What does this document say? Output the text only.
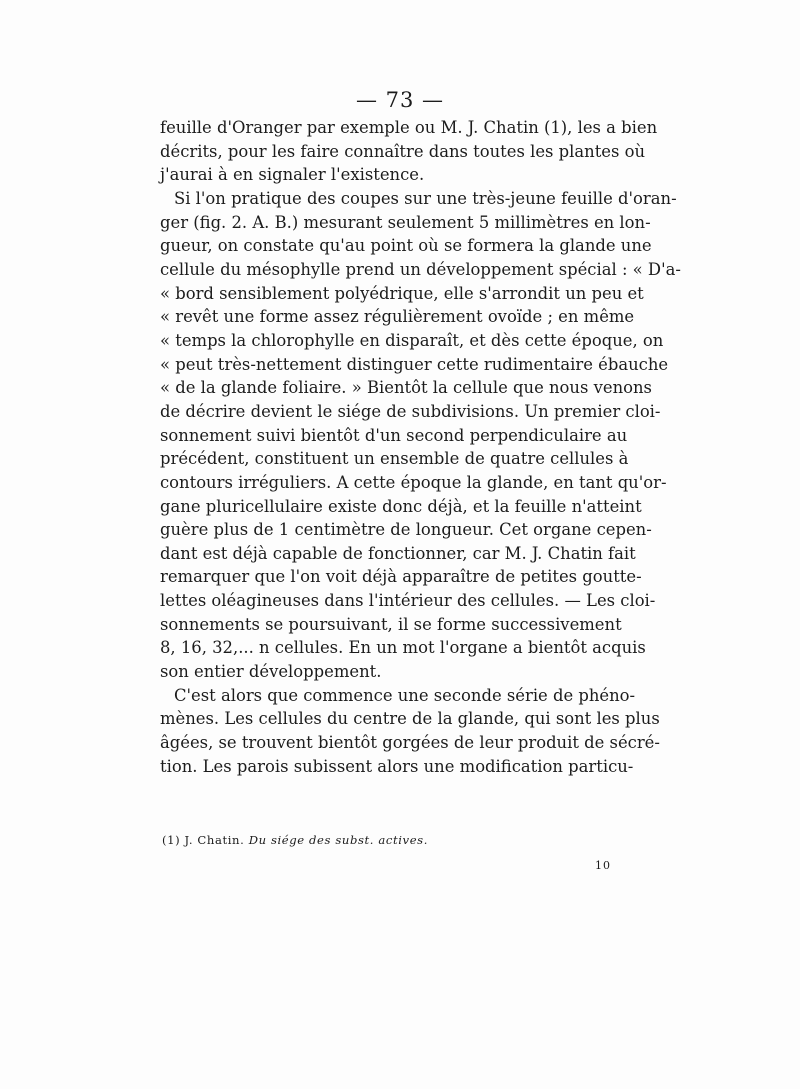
— 73 —

feuille d'Oranger par exemple ou M. J. Chatin (1), les a bien
décrits, pour les faire connaître dans toutes les plantes où
j'aurai à en signaler l'existence.

Si l'on pratique des coupes sur une très-jeune feuille d'oran-
ger (fig. 2. A. B.) mesurant seulement 5 millimètres en lon-
gueur, on constate qu'au point où se formera la glande une
cellule du mésophylle prend un développement spécial : « D'a-
« bord sensiblement polyédrique, elle s'arrondit un peu et
« revêt une forme assez régulièrement ovoïde ; en même
« temps la chlorophylle en disparaît, et dès cette époque, on
« peut très-nettement distinguer cette rudimentaire ébauche
« de la glande foliaire. » Bientôt la cellule que nous venons
de décrire devient le siége de subdivisions. Un premier cloi-
sonnement suivi bientôt d'un second perpendiculaire au
précédent, constituent un ensemble de quatre cellules à
contours irréguliers. A cette époque la glande, en tant qu'or-
gane pluricellulaire existe donc déjà, et la feuille n'atteint
guère plus de 1 centimètre de longueur. Cet organe cepen-
dant est déjà capable de fonctionner, car M. J. Chatin fait
remarquer que l'on voit déjà apparaître de petites goutte-
lettes oléagineuses dans l'intérieur des cellules. — Les cloi-
sonnements se poursuivant, il se forme successivement
8, 16, 32,... n cellules. En un mot l'organe a bientôt acquis
son entier développement.

C'est alors que commence une seconde série de phéno-
mènes. Les cellules du centre de la glande, qui sont les plus
âgées, se trouvent bientôt gorgées de leur produit de sécré-
tion. Les parois subissent alors une modification particu-

(1) J. Chatin. Du siége des subst. actives.
10
